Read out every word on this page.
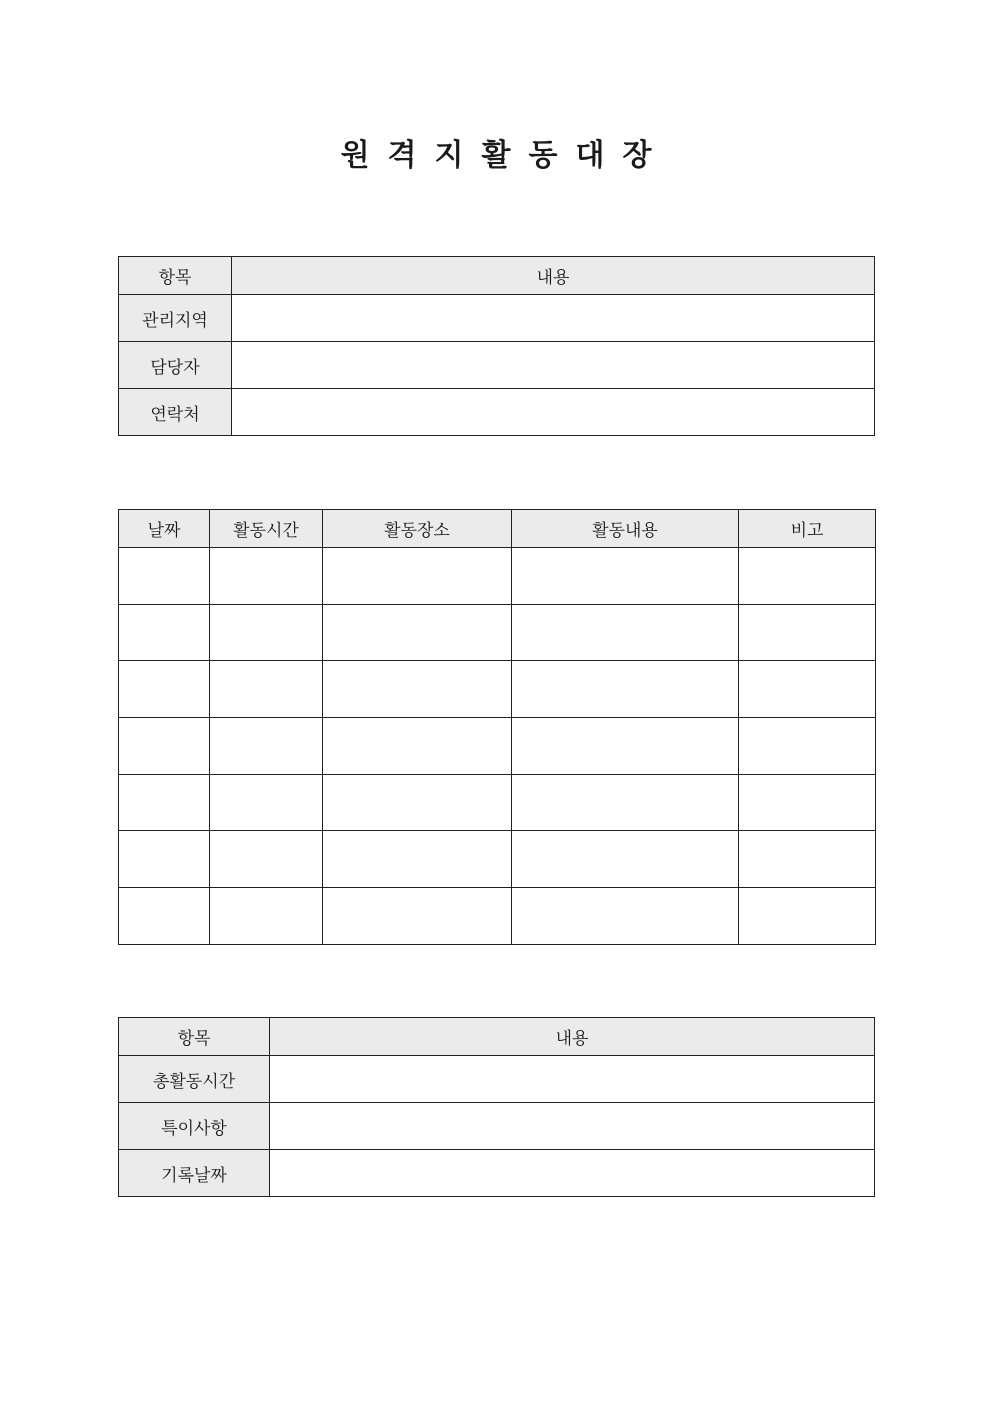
원격지활동대장
항목	내용
관리지역	
담당자	
연락처	
날짜	활동시간	활동장소	활동내용	비고

항목	내용
총활동시간	
특이사항	
기록날짜	
